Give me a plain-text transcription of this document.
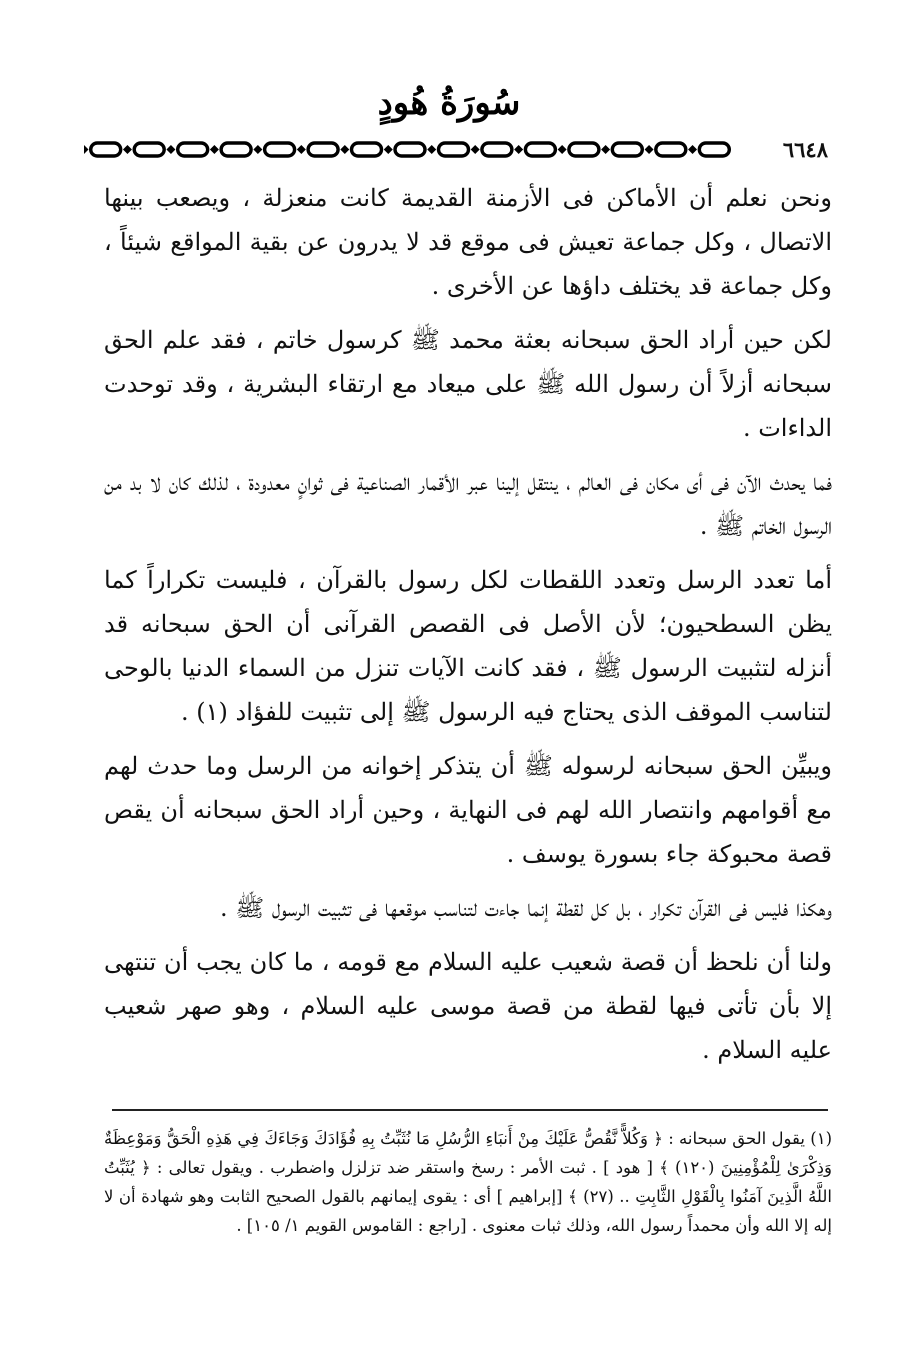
سُورَةُ هُودٍ
٦٦٤٨

ونحن نعلم أن الأماكن فى الأزمنة القديمة كانت منعزلة ، ويصعب بينها الاتصال ، وكل جماعة تعيش فى موقع قد لا يدرون عن بقية المواقع شيئاً ، وكل جماعة قد يختلف داؤها عن الأخرى .

لكن حين أراد الحق سبحانه بعثة محمد ﷺ كرسول خاتم ، فقد علم الحق سبحانه أزلاً أن رسول الله ﷺ على ميعاد مع ارتقاء البشرية ، وقد توحدت الداءات .

فما يحدث الآن فى أى مكان فى العالم ، ينتقل إلينا عبر الأقمار الصناعية فى ثوانٍ معدودة ، لذلك كان لا بد من الرسول الخاتم ﷺ .

أما تعدد الرسل وتعدد اللقطات لكل رسول بالقرآن ، فليست تكراراً كما يظن السطحيون؛ لأن الأصل فى القصص القرآنى أن الحق سبحانه قد أنزله لتثبيت الرسول ﷺ ، فقد كانت الآيات تنزل من السماء الدنيا بالوحى لتناسب الموقف الذى يحتاج فيه الرسول ﷺ إلى تثبيت للفؤاد (١) .

ويبيِّن الحق سبحانه لرسوله ﷺ أن يتذكر إخوانه من الرسل وما حدث لهم مع أقوامهم وانتصار الله لهم فى النهاية ، وحين أراد الحق سبحانه أن يقص قصة محبوكة جاء بسورة يوسف .

وهكذا فليس فى القرآن تكرار ، بل كل لقطة إنما جاءت لتناسب موقعها فى تثبيت الرسول ﷺ .

ولنا أن نلحظ أن قصة شعيب عليه السلام مع قومه ، ما كان يجب أن تنتهى إلا بأن تأتى فيها لقطة من قصة موسى عليه السلام ، وهو صهر شعيب عليه السلام .

(١) يقول الحق سبحانه : ﴿ وَكُلاًّ نَّقُصُّ عَلَيْكَ مِنْ أَنبَاءِ الرُّسُلِ مَا نُثَبِّتُ بِهِ فُؤَادَكَ وَجَاءَكَ فِي هَذِهِ الْحَقُّ وَمَوْعِظَةٌ وَذِكْرَىٰ لِلْمُؤْمِنِينَ (١٢٠) ﴾ [ هود ] . ثبت الأمر : رسخ واستقر ضد تزلزل واضطرب . ويقول تعالى : ﴿ يُثَبِّتُ اللَّهُ الَّذِينَ آمَنُوا بِالْقَوْلِ الثَّابِتِ .. (٢٧) ﴾ [إبراهيم ] أى : يقوى إيمانهم بالقول الصحيح الثابت وهو شهادة أن لا إله إلا الله وأن محمداً رسول الله، وذلك ثبات معنوى . [راجع : القاموس القويم ١/ ١٠٥] .
